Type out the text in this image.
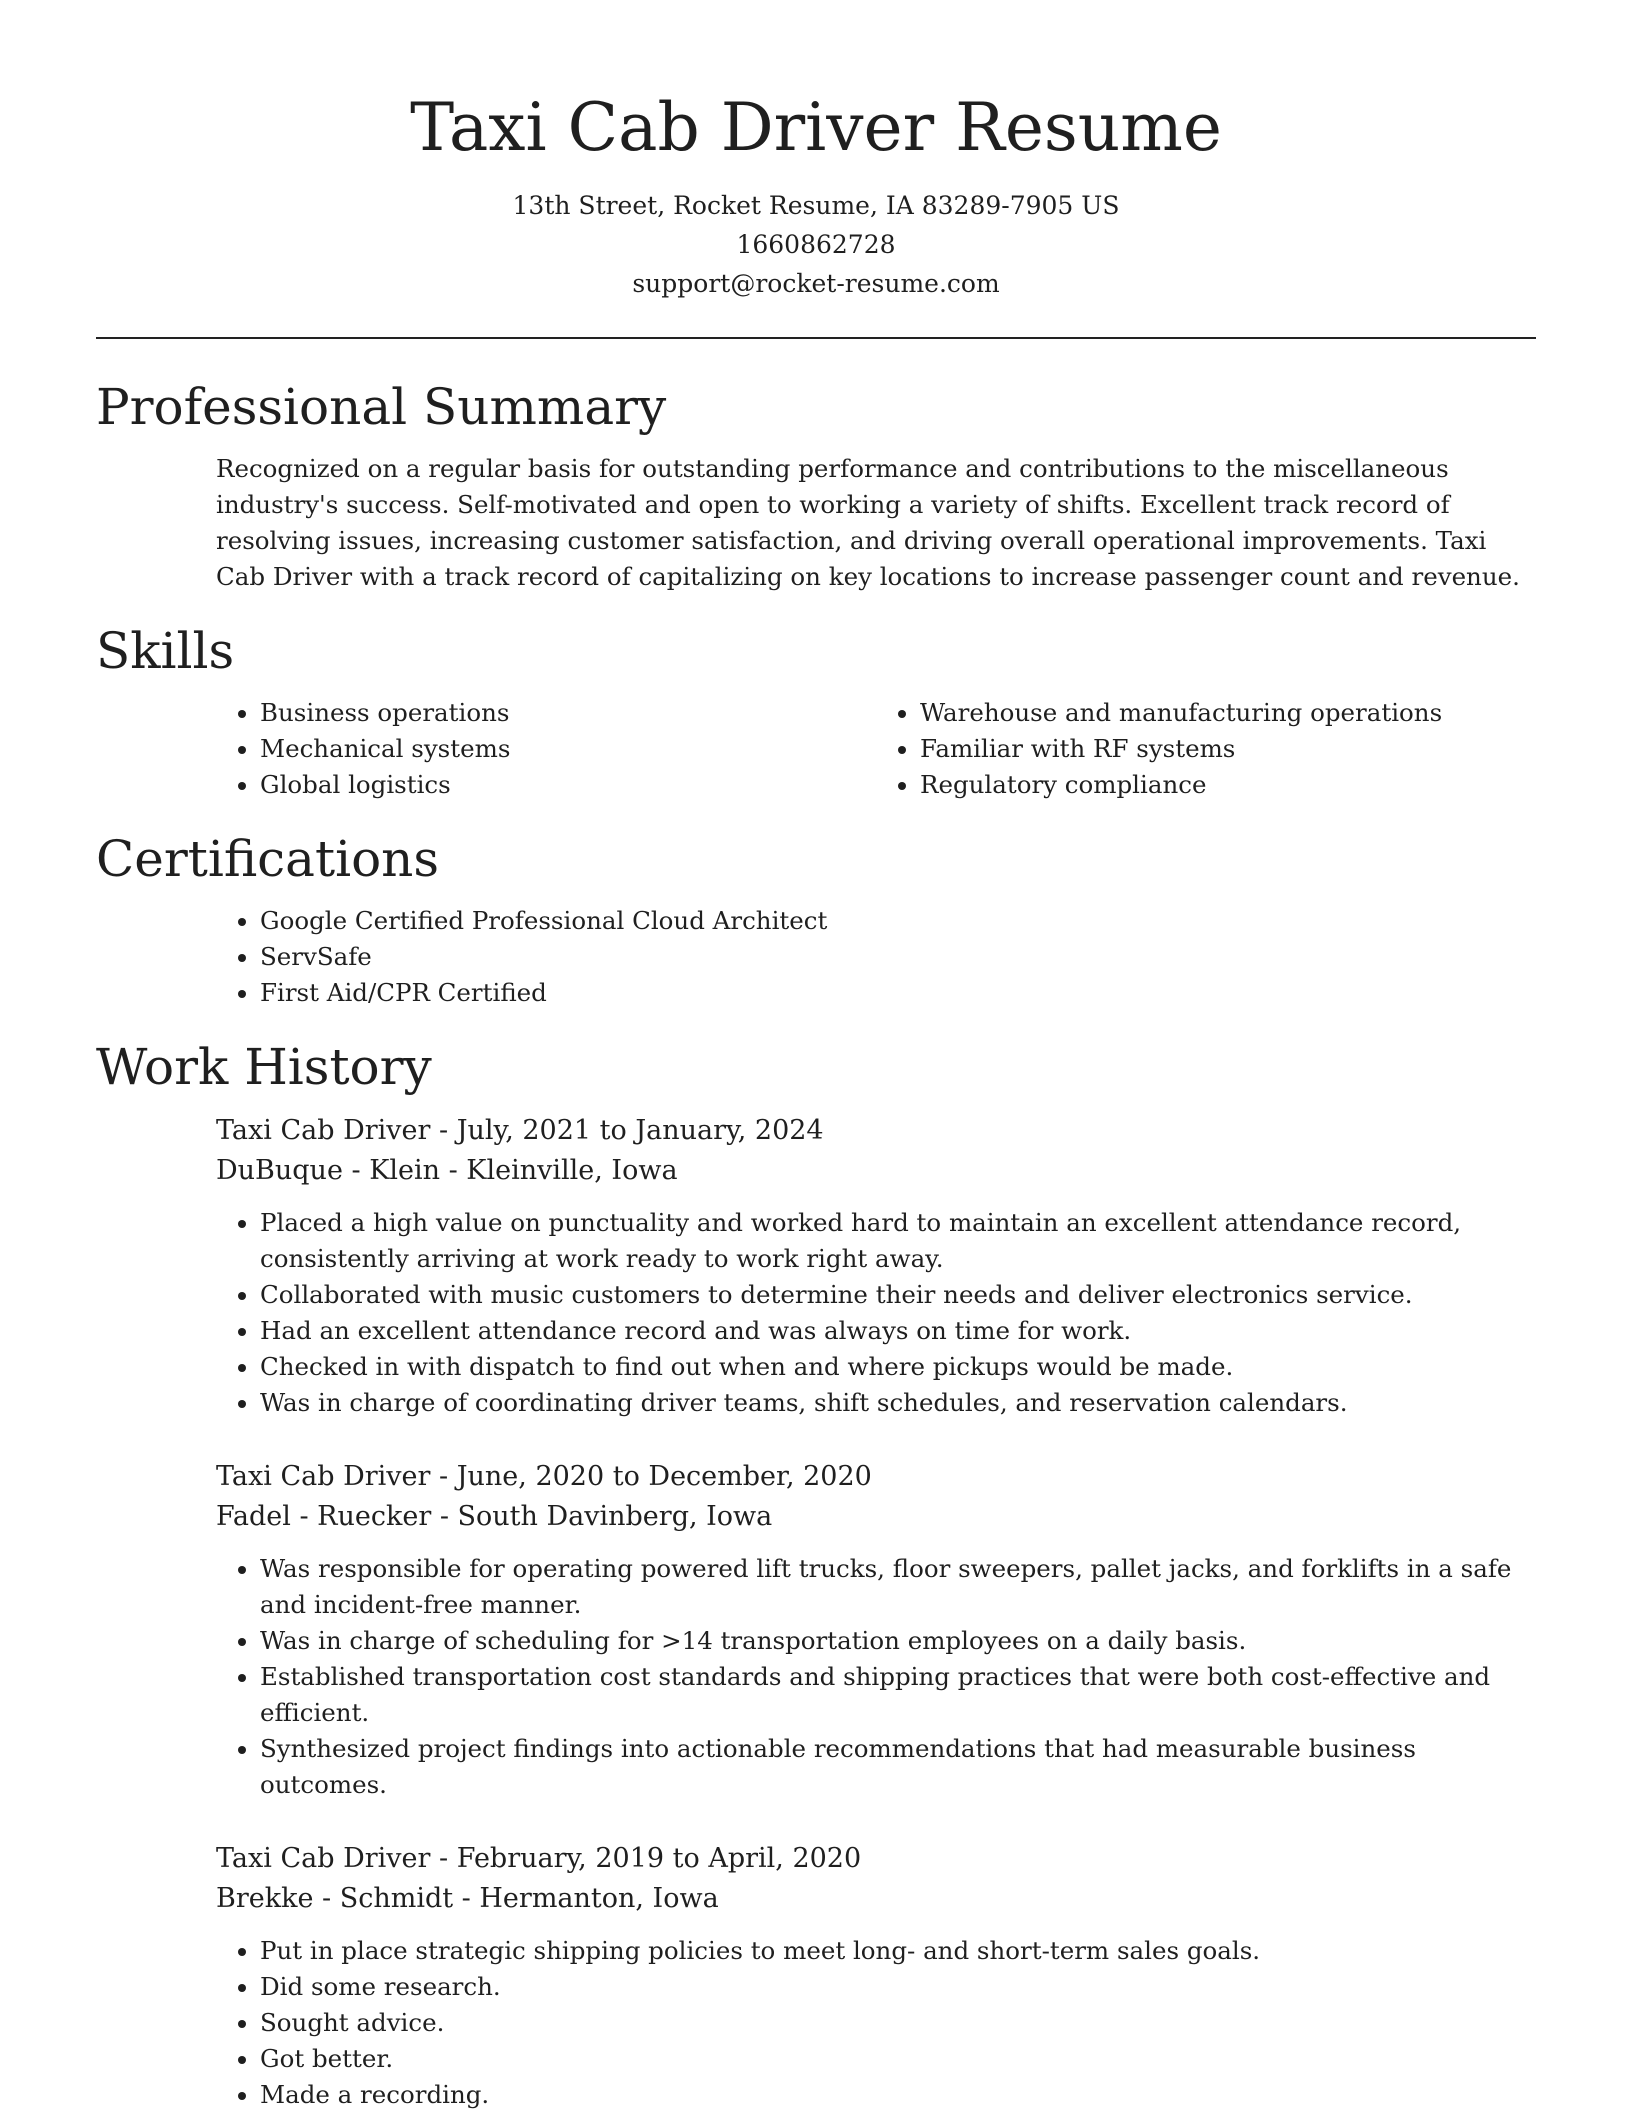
Taxi Cab Driver Resume
13th Street, Rocket Resume, IA 83289-7905 US
1660862728
support@rocket-resume.com
Professional Summary

Recognized on a regular basis for outstanding performance and contributions to the miscellaneous industry's success. Self-motivated and open to working a variety of shifts. Excellent track record of resolving issues, increasing customer satisfaction, and driving overall operational improvements. Taxi Cab Driver with a track record of capitalizing on key locations to increase passenger count and revenue.

Skills
• Business operations
• Mechanical systems
• Global logistics
• Warehouse and manufacturing operations
• Familiar with RF systems
• Regulatory compliance
Certifications
• Google Certified Professional Cloud Architect
• ServSafe
• First Aid/CPR Certified
Work History
Taxi Cab Driver - July, 2021 to January, 2024
DuBuque - Klein - Kleinville, Iowa
• Placed a high value on punctuality and worked hard to maintain an excellent attendance record, consistently arriving at work ready to work right away.
• Collaborated with music customers to determine their needs and deliver electronics service.
• Had an excellent attendance record and was always on time for work.
• Checked in with dispatch to find out when and where pickups would be made.
• Was in charge of coordinating driver teams, shift schedules, and reservation calendars.
Taxi Cab Driver - June, 2020 to December, 2020
Fadel - Ruecker - South Davinberg, Iowa
• Was responsible for operating powered lift trucks, floor sweepers, pallet jacks, and forklifts in a safe and incident-free manner.
• Was in charge of scheduling for >14 transportation employees on a daily basis.
• Established transportation cost standards and shipping practices that were both cost-effective and efficient.
• Synthesized project findings into actionable recommendations that had measurable business outcomes.
Taxi Cab Driver - February, 2019 to April, 2020
Brekke - Schmidt - Hermanton, Iowa
• Put in place strategic shipping policies to meet long- and short-term sales goals.
• Did some research.
• Sought advice.
• Got better.
• Made a recording.
